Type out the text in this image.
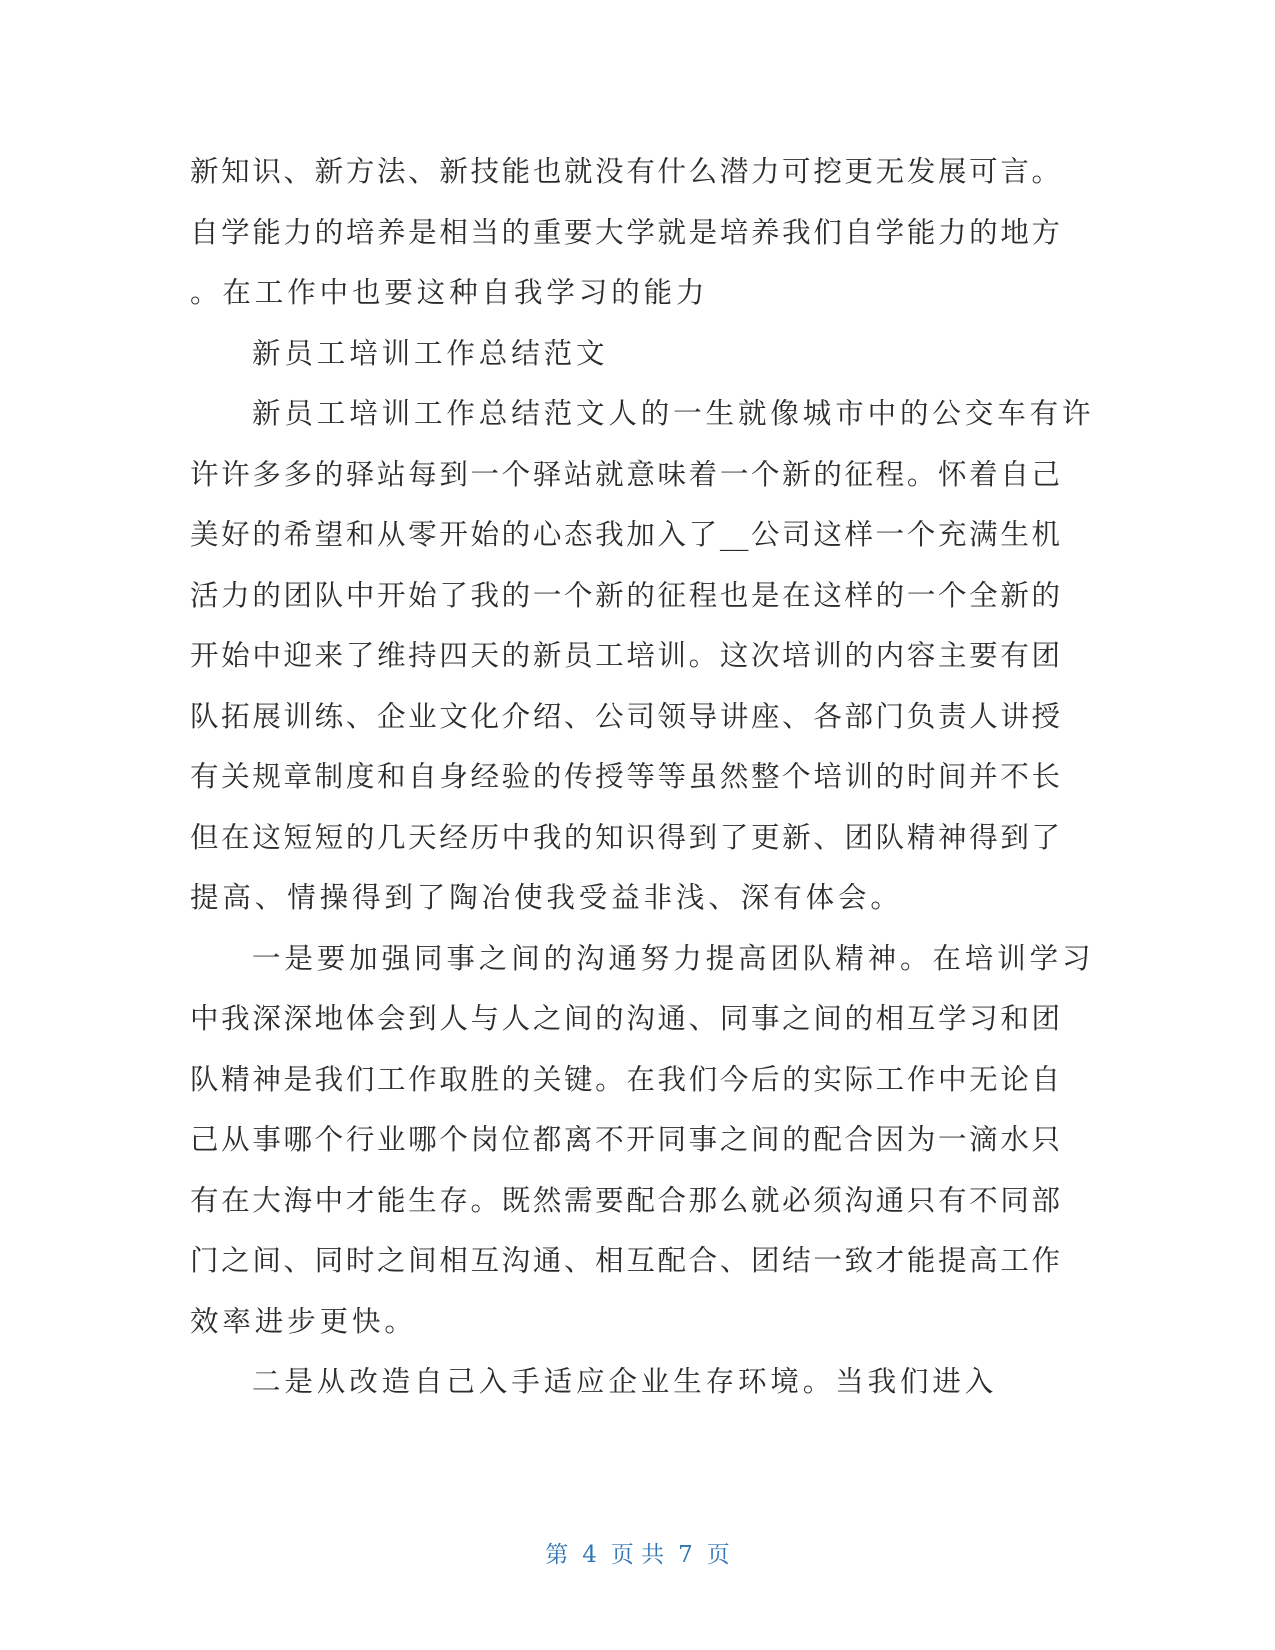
新知识、新方法、新技能也就没有什么潜力可挖更无发展可言。
自学能力的培养是相当的重要大学就是培养我们自学能力的地方
。在工作中也要这种自我学习的能力
新员工培训工作总结范文
新员工培训工作总结范文人的一生就像城市中的公交车有许
许许多多的驿站每到一个驿站就意味着一个新的征程。怀着自己
美好的希望和从零开始的心态我加入了__公司这样一个充满生机
活力的团队中开始了我的一个新的征程也是在这样的一个全新的
开始中迎来了维持四天的新员工培训。这次培训的内容主要有团
队拓展训练、企业文化介绍、公司领导讲座、各部门负责人讲授
有关规章制度和自身经验的传授等等虽然整个培训的时间并不长
但在这短短的几天经历中我的知识得到了更新、团队精神得到了
提高、情操得到了陶冶使我受益非浅、深有体会。
一是要加强同事之间的沟通努力提高团队精神。在培训学习
中我深深地体会到人与人之间的沟通、同事之间的相互学习和团
队精神是我们工作取胜的关键。在我们今后的实际工作中无论自
己从事哪个行业哪个岗位都离不开同事之间的配合因为一滴水只
有在大海中才能生存。既然需要配合那么就必须沟通只有不同部
门之间、同时之间相互沟通、相互配合、团结一致才能提高工作
效率进步更快。
二是从改造自己入手适应企业生存环境。当我们进入
第 4 页 共 7 页
